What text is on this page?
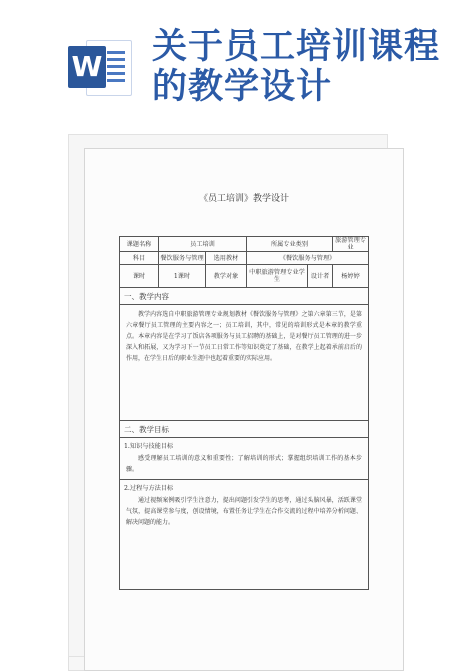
W 关于员工培训课程
的教学设计
《员工培训》教学设计
课题名称	员工培训		所属专业类别		旅游管理专业
科目	餐饮服务与管理	选用教材	《餐饮服务与管理》		
课时	1课时	教学对象	中职旅游管理专业学生	设计者	杨婷婷
一、教学内容
教学内容选自中职旅游管理专业规划教材《餐饮服务与管理》之第六章第三节，是第六章餐厅员工管理的主要内容之一；员工培训，其中，常见的培训形式是本章的教学重点。本章内容是在学习了饭店各项服务与员工招聘的基础上，是对餐厅员工管理的进一步深入和拓展，又为学习下一节员工日常工作等知识奠定了基础，在教学上起着承前启后的作用，在学生日后的职业生涯中也起着重要的实际应用。
二、教学目标
1.知识与技能目标
感受理解员工培训的意义和重要性；了解培训的形式；掌握组织培训工作的基本步骤。
2.过程与方法目标
通过视频案例吸引学生注意力，提出问题引发学生的思考，通过头脑风暴，活跃课堂气氛，提高课堂参与度，创设情境，布置任务让学生在合作交流的过程中培养分析问题、解决问题的能力。
